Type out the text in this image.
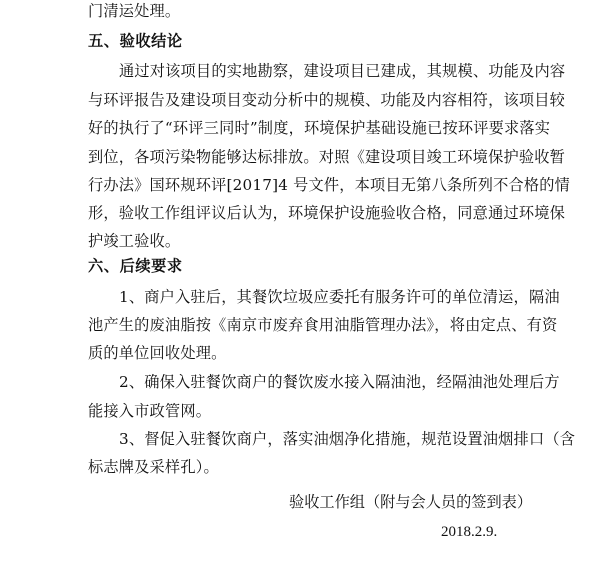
门清运处理。
五、验收结论
通过对该项目的实地勘察，建设项目已建成，其规模、功能及内容
与环评报告及建设项目变动分析中的规模、功能及内容相符，该项目较
好的执行了“环评三同时”制度，环境保护基础设施已按环评要求落实
到位，各项污染物能够达标排放。对照《建设项目竣工环境保护验收暂
行办法》国环规环评[2017]4 号文件，本项目无第八条所列不合格的情
形，验收工作组评议后认为，环境保护设施验收合格，同意通过环境保
护竣工验收。
六、后续要求
1、商户入驻后，其餐饮垃圾应委托有服务许可的单位清运，隔油
池产生的废油脂按《南京市废弃食用油脂管理办法》，将由定点、有资
质的单位回收处理。
2、确保入驻餐饮商户的餐饮废水接入隔油池，经隔油池处理后方
能接入市政管网。
3、督促入驻餐饮商户，落实油烟净化措施，规范设置油烟排口（含
标志牌及采样孔）。
验收工作组（附与会人员的签到表）
2018.2.9.
